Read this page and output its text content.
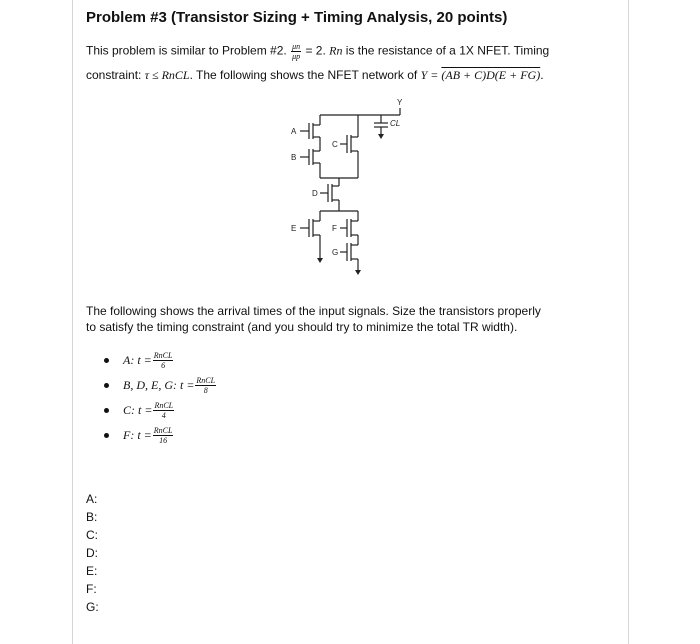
Problem #3 (Transistor Sizing + Timing Analysis, 20 points)
This problem is similar to Problem #2. $\frac{\mu n}{\mu p} = 2$. Rn is the resistance of a 1X NFET. Timing
constraint: τ ≤ RnCL. The following shows the NFET network of Y = (AB + C)D(E + FG).
Y
CL
A
B
C
D
E	F
G
The following shows the arrival times of the input signals. Size the transistors properly
to satisfy the timing constraint (and you should try to minimize the total TR width).
A: $t = \frac{\text{RnCL}}{6}$
B, D, E, G: $t = \frac{\text{RnCL}}{8}$
C: $t = \frac{\text{RnCL}}{4}$
F: $t = \frac{\text{RnCL}}{16}$
A:
B:
C:
D:
E:
F:
G:
